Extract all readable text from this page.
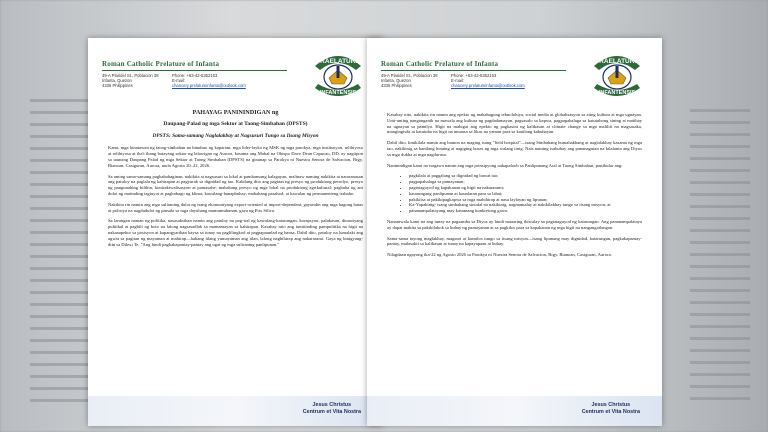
Roman Catholic Prelature of Infanta
49-A Plaridel St., Poblacion 38
Infanta, Quezon
4336 Philippines
Phone: +63-42-5352163
E-mail:
chancery.prelatureinfanta@outlook.com
PRAELATURA
INFANTENSIS
PAHAYAG PANININDIGAN ng
Daupang-Palad ng mga Sektor at Taong-Simbahan (DPSTS)
DPSTS: Sama-samang Naglalakbay at Nagsusuri Tungo sa Iisang Misyon

Kami, mga kinatawan ng taong-simbahan na binubuo ng kaparian, mga lider-layko ng MSK ng mga parokya, mga institusyon, relihiyoso at relihiyosa at iba't ibang batayang sektor ng lalawigan ng Aurora, kasama ang Mahal na Obispo Dave Dean Capucao, DD, ay nagtipon sa taunang Daupang Palad ng mga Sektor at Taong Simbahan (DPSTS) na ginanap sa Parokya ni Nuestra Senora de Salvacion, Brgy. Bianoan, Casiguran, Aurora, mula Agosto 20–22, 2026.

Sa aming sama-samang pagbabahaginan, nakikita at nagsusuri sa lokal at pambansang kalagayan, malinaw naming nakikita at nararanasan ang patuloy na paglala ng kahirapan at pagyurak sa dignidad ng tao. Kabilang dito ang pagtaas ng presyo ng produktong petrolyo, presyo ng pangunahing bilihin, kontraktwalisasyon at pamasahe; mababang presyo ng mga lokal na produktong agrikultural; pagbaha ng ani dulot ng matinding tagtuyot at pagbabago ng klima; kawalang-hanapbuhay; mababang pasahod; at kawalan ng permanenteng trabaho.

Nakikita rin namin ang mga suliraning dulot ng isang ekonomiyang export-oriented at import-dependent, gayundin ang mga bagong batas at polisiya na nagdudulot ng pinsala sa mga dayuhang mamumuhunan, gaya ng Pitx Silica.

Sa larangan naman ng politika, nasasaksihan namin ang patuloy na pag-iral ng kawalang-katarungan, korapsyon, palakasan, dinastiyang pulitikal at pagbili ng boto na lalong nagsasadlak sa mamamayan sa kahirapan. Kasabay nito ang tumitinding pampulitika na higit na nakaaapekto sa posisyon at kapangyarihan kaysa sa tunay na paglilingkod at pagpapaunlad ng bansa. Dahil dito, patuloy na lumalaki ang agwat sa pagitan ng mayaman at mahirap—habang iilang yumayaman ang iilan, lalong naghihirap ang nakararami. Gaya ng binigyang-diin sa Dilexi Te, "Ang hindi pagkakapantay-pantay ang ugat ng mga suliraning panlipunan."

Jesus Christus
Centrum et Vita Nostra
Roman Catholic Prelature of Infanta
49-A Plaridel St., Poblacion 38
Infanta, Quezon
4336 Philippines
Phone: +63-42-5352163
E-mail:
chancery.prelatureinfanta@outlook.com
PRAELATURA
INFANTENSIS

Kasabay nito, nakikita rin namin ang epekto ng makabagong teknolohiya, social media at globalisasyon sa ating kultura at mga ugnayan. Unti-unting nanganganib na mawala ang kultura ng pagdadamayan, pagsasalo sa kapwa, pagpapahalaga sa katutubong sining at matibay na ugnayan sa pamilya. Higit na mabigat ang epekto ng pagkasira ng kalikasan at climate change sa mga maliliit na magsasaka, mangingisda at katutubo na higit na umaasa sa likas na yaman para sa kanilang kabuhayan.

Dahil dito, kinikilala namin ang hamon na maging isang "field hospital"—isang Simbahang humahakbang at naglalakbay kasama ng mga tao, nakikinig sa kanilang hinaing at nagiging boses ng mga walang tinig. Nais naming isabuhay ang pananagutan na kilalanin ang Diyos sa mga dukha at mga nagdurusa.

Naninindigan kami na isagawa namin ang mga prinsipyong nakapaloob sa Panlipunang Aral at Taong Simbahan, partikular ang:

• pagkilala at paggalang sa dignidad ng bawat tao;
• pagpapahalaga sa pamayanan;
• pagtataguyod ng kapakanan ng higit na nakararami;
• katarungang panlipunan at kaunlaran para sa lahat;
• pakikiisa at pakikipagkapwa sa mga mahihirap at nasa laylayan ng lipunan;
• Ka-Yapakinig- isang simbahang sinodal na nakikinig, nagmamalay at nakikilakbay tungo sa iisang misyon; at
• pananampalatayang may kasamang konkretong gawa.

Nananiwala kami na ang tunay na pagsamba sa Diyos ay hindi maaaring ihiwalay sa pagtataguyod ng katarungan. Ang pananampalataya ay dapat makita sa pakikilahok sa buhay ng pamayanan at sa pagkilos para sa kapakanan ng mga higit na nangangailangan.

Sama-sama tayong maglakbay, magsuri at kumilos tungo sa iisang misyon—isang lipunang may dignidad, katarungan, pagkakapantay-pantay, malasakit sa kalikasan at tunay na kapayapaan at buhay.

Nilagdaan ngayong ika-22 ng Agosto 2026 sa Parokya ni Nuestra Senora de Salvacion, Brgy. Bianoan, Casiguran, Aurora.

Jesus Christus
Centrum et Vita Nostra
